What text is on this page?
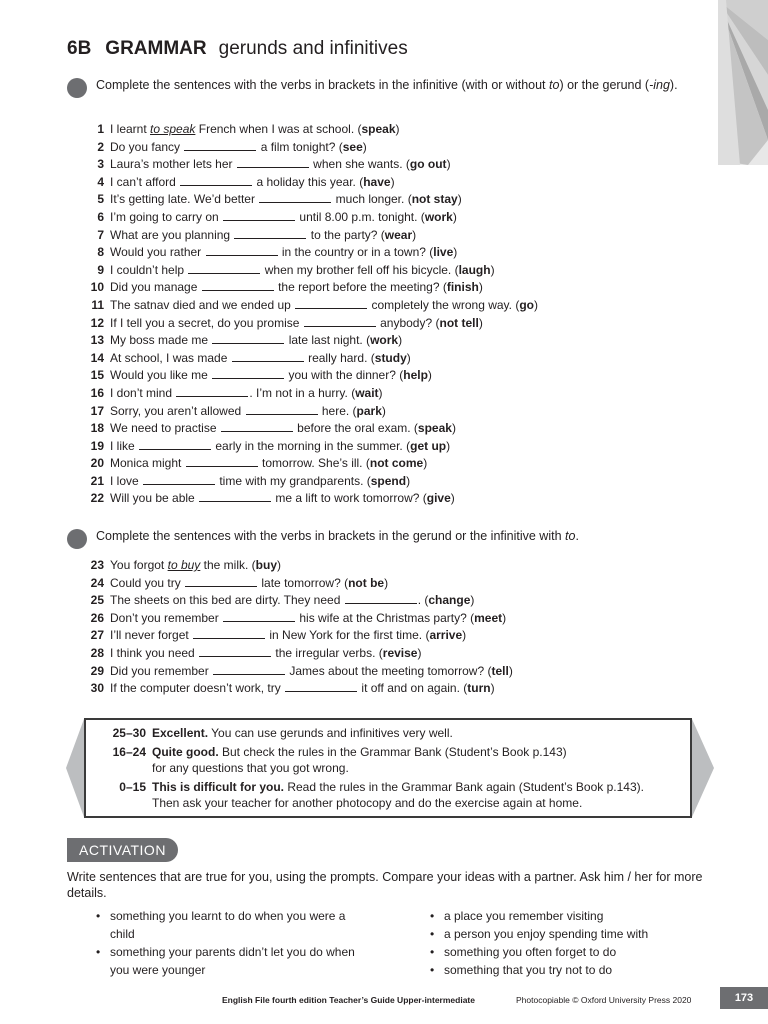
6B GRAMMAR gerunds and infinitives
Complete the sentences with the verbs in brackets in the infinitive (with or without to) or the gerund (-ing).
1 I learnt to speak French when I was at school. (speak)
2 Do you fancy	a film tonight? (see)
3 Laura’s mother lets her	when she wants. (go out)
4 I can’t afford	a holiday this year. (have)
5 It’s getting late. We’d better	much longer. (not stay)
6 I’m going to carry on	until 8.00 p.m. tonight. (work)
7 What are you planning	to the party? (wear)
8 Would you rather	in the country or in a town? (live)
9 I couldn’t help	when my brother fell off his bicycle. (laugh)
10 Did you manage	the report before the meeting? (finish)
11 The satnav died and we ended up	completely the wrong way. (go)
12 If I tell you a secret, do you promise	anybody? (not tell)
13 My boss made me	late last night. (work)
14 At school, I was made	really hard. (study)
15 Would you like me	you with the dinner? (help)
16 I don’t mind	. I’m not in a hurry. (wait)
17 Sorry, you aren’t allowed	here. (park)
18 We need to practise	before the oral exam. (speak)
19 I like	early in the morning in the summer. (get up)
20 Monica might	tomorrow. She’s ill. (not come)
21 I love	time with my grandparents. (spend)
22 Will you be able	me a lift to work tomorrow? (give)
Complete the sentences with the verbs in brackets in the gerund or the infinitive with to.
23 You forgot to buy the milk. (buy)
24 Could you try	late tomorrow? (not be)
25 The sheets on this bed are dirty. They need	. (change)
26 Don’t you remember	his wife at the Christmas party? (meet)
27 I’ll never forget	in New York for the first time. (arrive)
28 I think you need	the irregular verbs. (revise)
29 Did you remember	James about the meeting tomorrow? (tell)
30 If the computer doesn’t work, try	it off and on again. (turn)
25–30 Excellent. You can use gerunds and infinitives very well.
16–24 Quite good. But check the rules in the Grammar Bank (Student’s Book p.143)
for any questions that you got wrong.
0–15 This is difficult for you. Read the rules in the Grammar Bank again (Student’s Book p.143).
Then ask your teacher for another photocopy and do the exercise again at home.
ACTIVATION
Write sentences that are true for you, using the prompts. Compare your ideas with a partner. Ask him / her for more details.
• something you learnt to do when you were a child
• something your parents didn’t let you do when you were younger
• a place you remember visiting
• a person you enjoy spending time with
• something you often forget to do
• something that you try not to do
English File fourth edition Teacher’s Guide Upper-intermediate	Photocopiable © Oxford University Press 2020	173
